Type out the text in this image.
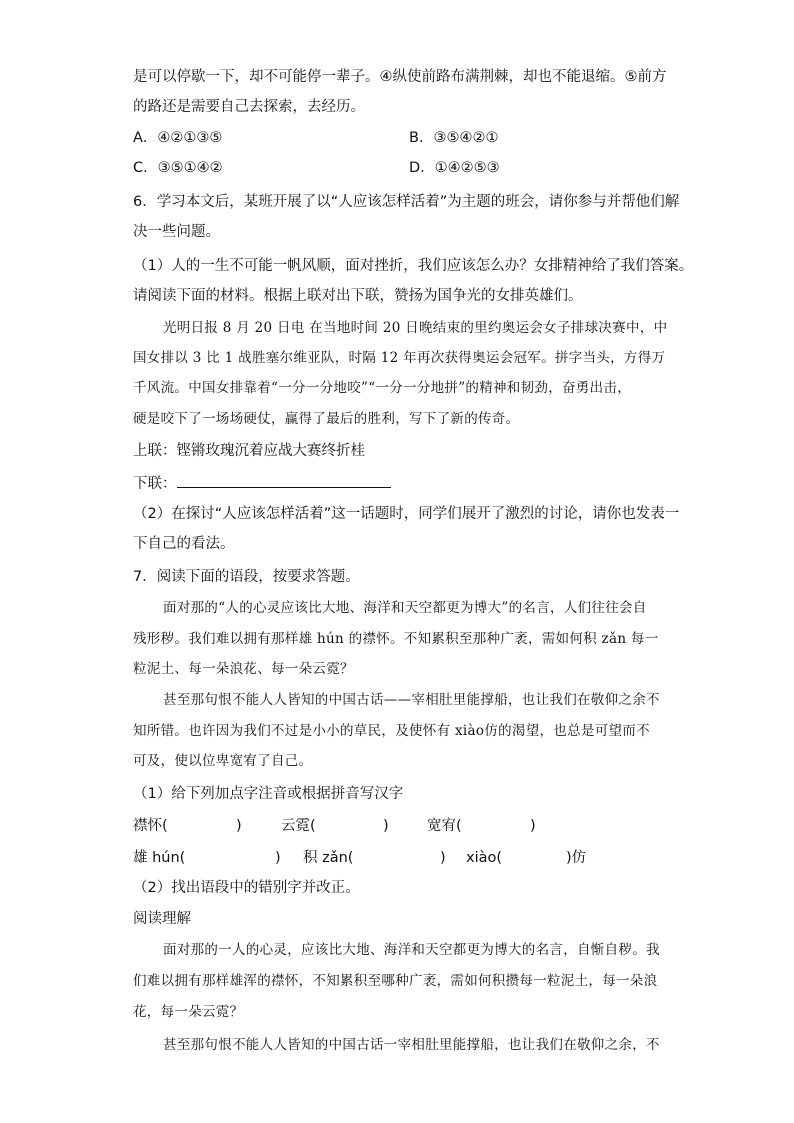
是可以停歇一下，却不可能停一辈子。④纵使前路布满荆棘，却也不能退缩。⑤前方
的路还是需要自己去探索，去经历。
A．④②①③⑤	B．③⑤④②①
C．③⑤①④②	D．①④②⑤③
6．学习本文后，某班开展了以“人应该怎样活着”为主题的班会，请你参与并帮他们解
决一些问题。
（1）人的一生不可能一帆风顺，面对挫折，我们应该怎么办？女排精神给了我们答案。
请阅读下面的材料。根据上联对出下联，赞扬为国争光的女排英雄们。
光明日报 8 月 20 日电 在当地时间 20 日晚结束的里约奥运会女子排球决赛中，中
国女排以 3 比 1 战胜塞尔维亚队，时隔 12 年再次获得奥运会冠军。拼字当头，方得万
千风流。中国女排靠着“一分一分地咬”“一分一分地拼”的精神和韧劲，奋勇出击，
硬是咬下了一场场硬仗，赢得了最后的胜利，写下了新的传奇。
上联：铿锵玫瑰沉着应战大赛终折桂
下联：
（2）在探讨“人应该怎样活着”这一话题时，同学们展开了激烈的讨论，请你也发表一
下自己的看法。
7．阅读下面的语段，按要求答题。
面对那的“人的心灵应该比大地、海洋和天空都更为博大”的名言，人们往往会自
残形秽。我们难以拥有那样雄 hún 的襟怀。不知累积至那种广袤，需如何积 zǎn 每一
粒泥土、每一朵浪花、每一朵云霓？
甚至那句恨不能人人皆知的中国古话——宰相肚里能撑船，也让我们在敬仰之余不
知所错。也许因为我们不过是小小的草民，及使怀有 xiào仿的渴望，也总是可望而不
可及，使以位卑宽宥了自己。
（1）给下列加点字注音或根据拼音写汉字
襟怀(	)	云霓(	)	宽宥(	)
雄 hún(	) 积 zǎn(	) xiào(	)仿
（2）找出语段中的错别字并改正。
阅读理解
面对那的一人的心灵，应该比大地、海洋和天空都更为博大的名言，自惭自秽。我
们难以拥有那样雄浑的襟怀，不知累积至哪种广袤，需如何积攒每一粒泥土，每一朵浪
花，每一朵云霓？
甚至那句恨不能人人皆知的中国古话一宰相肚里能撑船，也让我们在敬仰之余，不
